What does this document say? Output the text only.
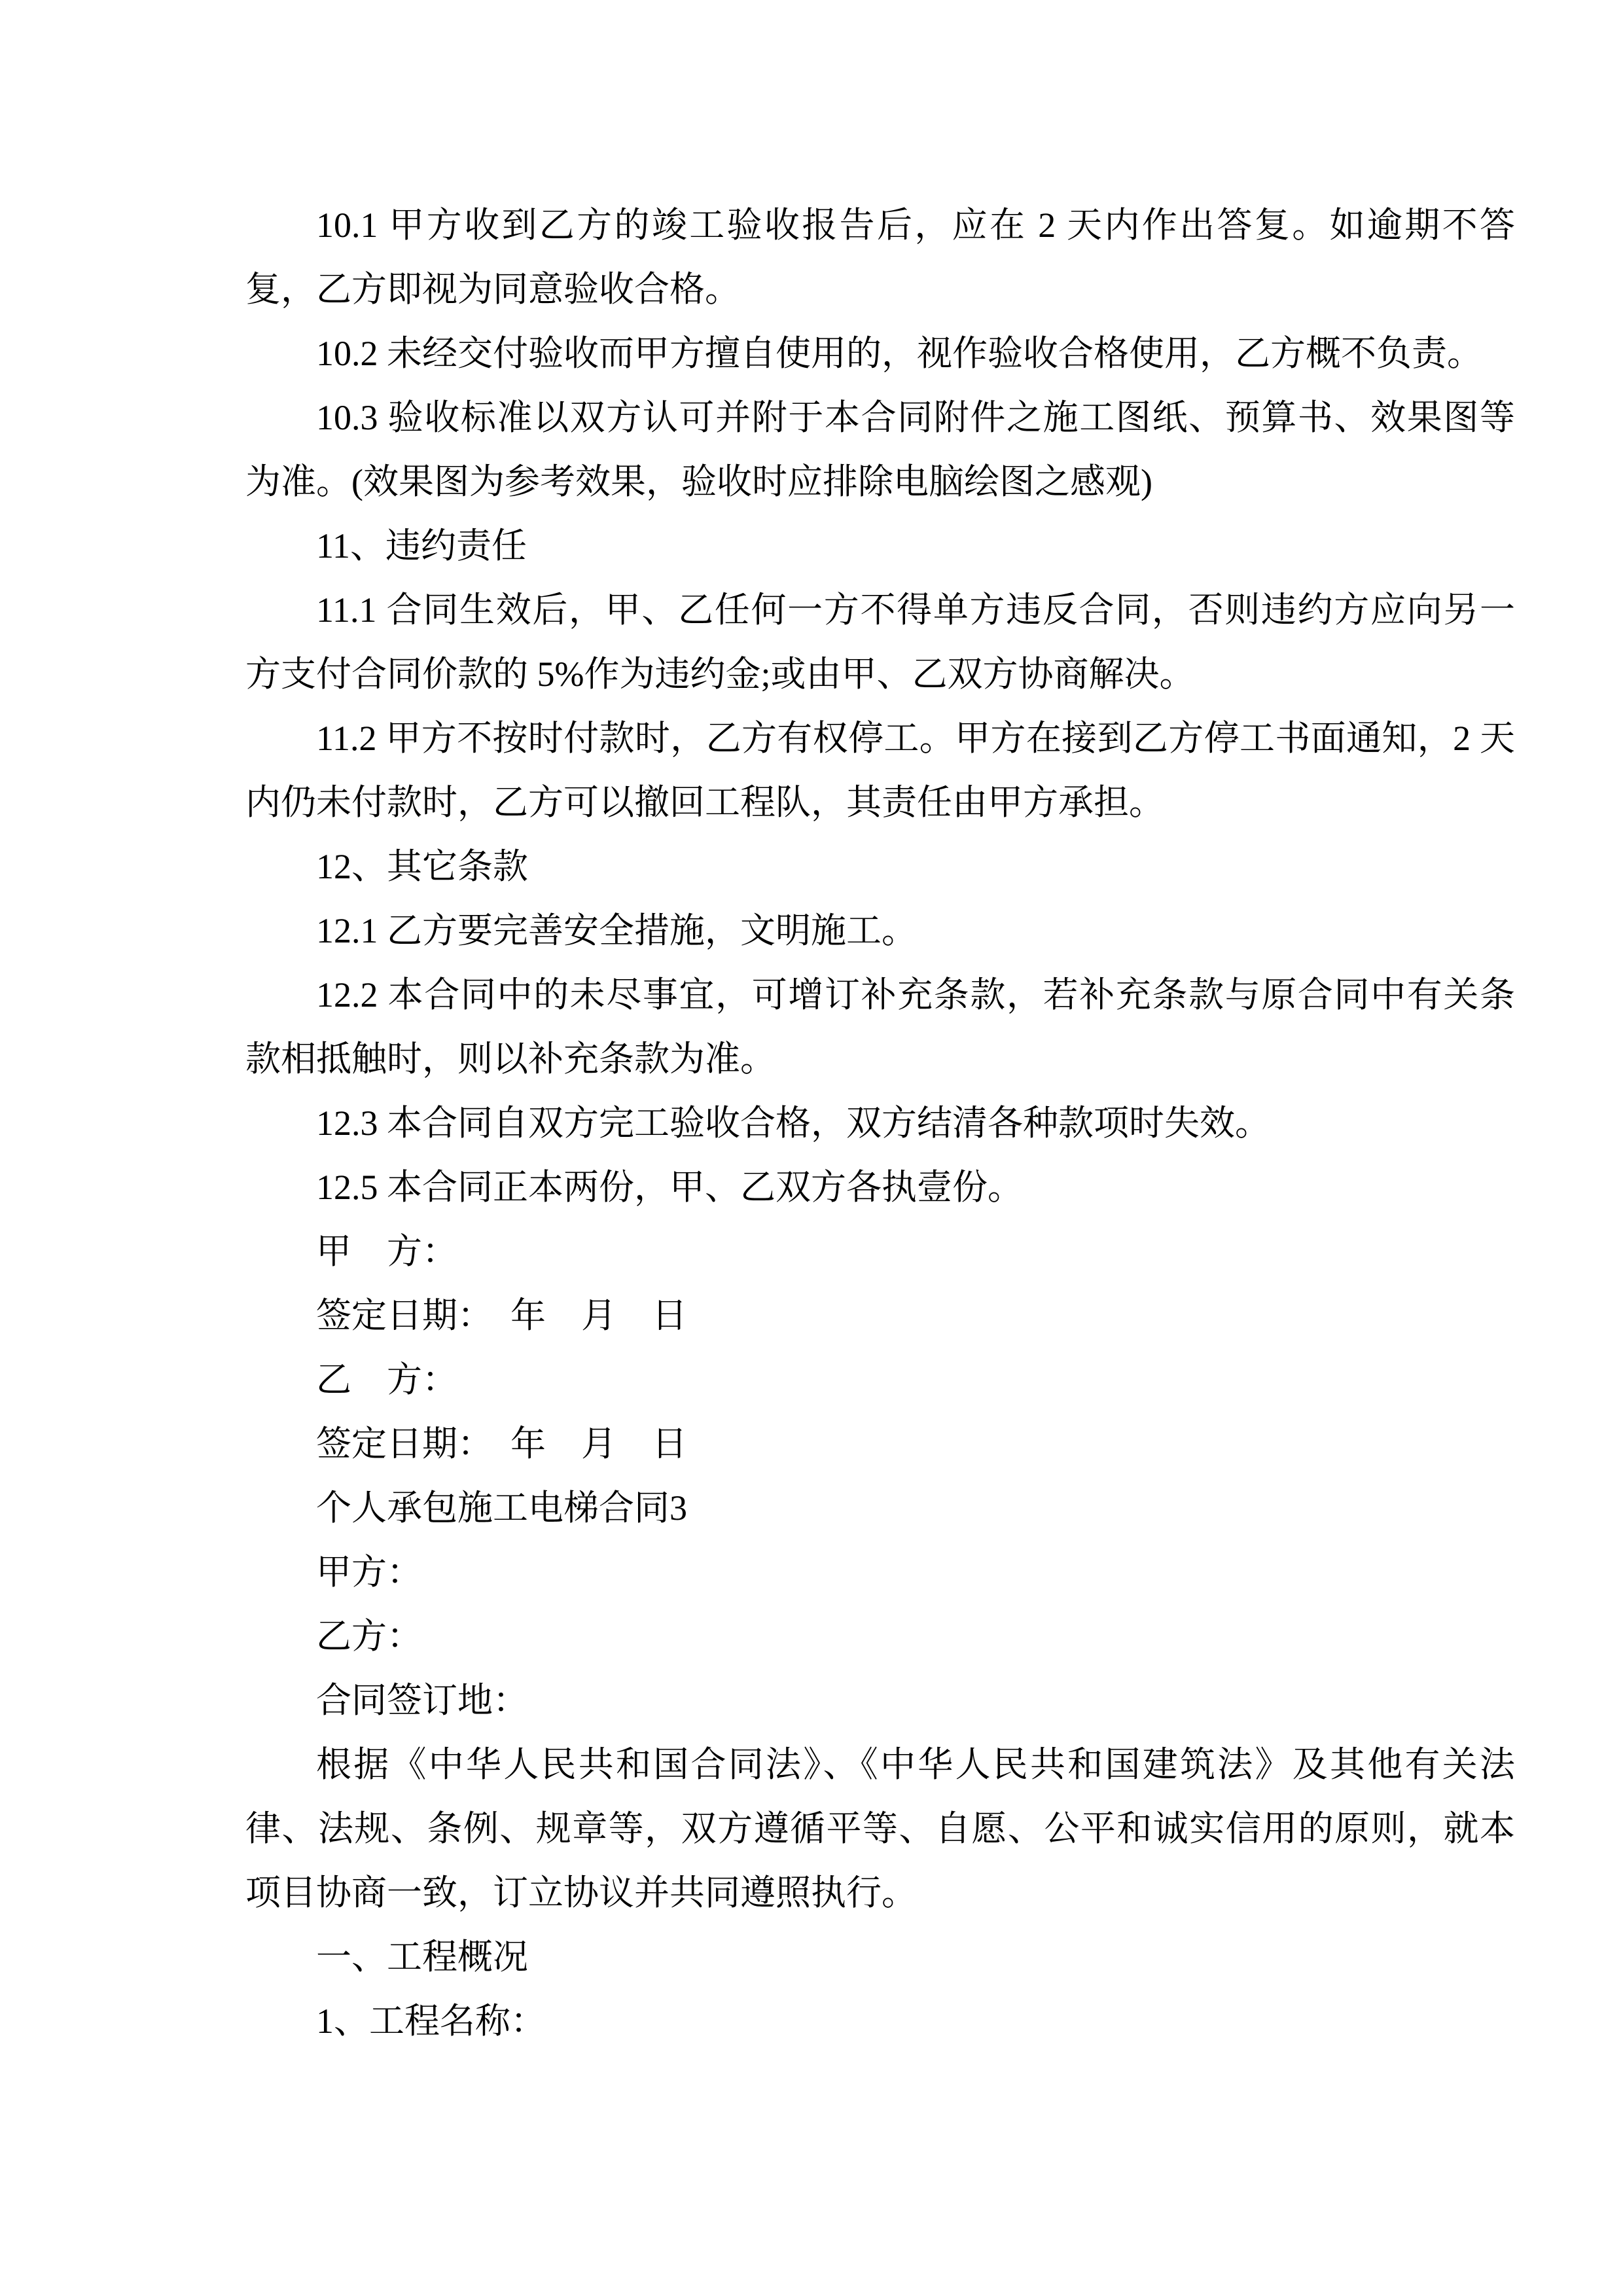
10.1 甲方收到乙方的竣工验收报告后，应在 2 天内作出答复。如逾期不答复，乙方即视为同意验收合格。

10.2 未经交付验收而甲方擅自使用的，视作验收合格使用，乙方概不负责。

10.3 验收标准以双方认可并附于本合同附件之施工图纸、预算书、效果图等为准。(效果图为参考效果，验收时应排除电脑绘图之感观)

11、违约责任

11.1 合同生效后，甲、乙任何一方不得单方违反合同，否则违约方应向另一方支付合同价款的 5%作为违约金;或由甲、乙双方协商解决。

11.2 甲方不按时付款时，乙方有权停工。甲方在接到乙方停工书面通知，2 天内仍未付款时，乙方可以撤回工程队，其责任由甲方承担。

12、其它条款

12.1 乙方要完善安全措施，文明施工。

12.2 本合同中的未尽事宜，可增订补充条款，若补充条款与原合同中有关条款相抵触时，则以补充条款为准。

12.3 本合同自双方完工验收合格，双方结清各种款项时失效。

12.5 本合同正本两份，甲、乙双方各执壹份。

甲　方：

签定日期：　年　月　日

乙　方：

签定日期：　年　月　日

个人承包施工电梯合同3

甲方：

乙方：

合同签订地：

根据《中华人民共和国合同法》、《中华人民共和国建筑法》及其他有关法律、法规、条例、规章等，双方遵循平等、自愿、公平和诚实信用的原则，就本项目协商一致，订立协议并共同遵照执行。

一、工程概况

1、工程名称：
